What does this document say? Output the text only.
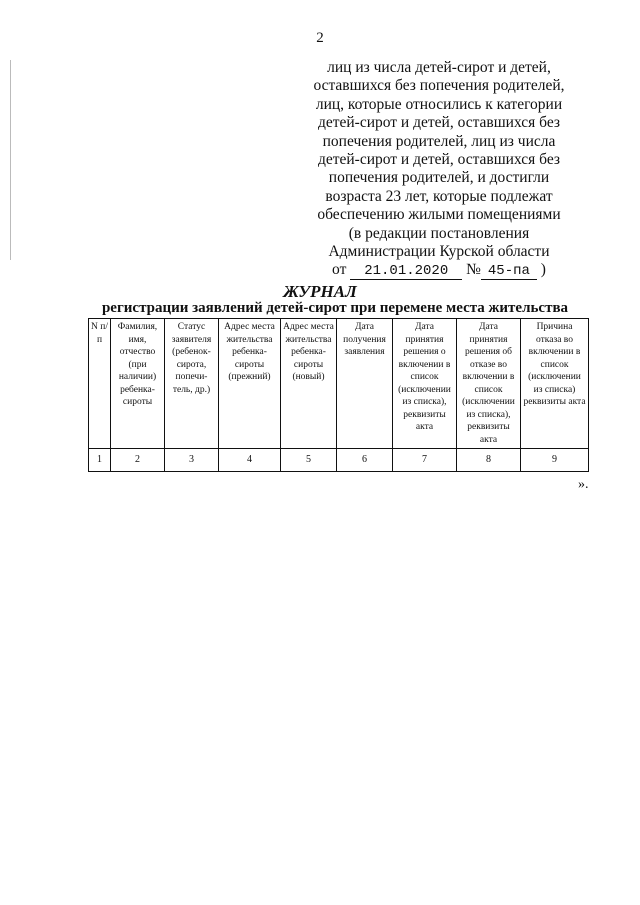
2
лиц из числа детей-сирот и детей,
оставшихся без попечения родителей,
лиц, которые относились к категории
детей-сирот и детей, оставшихся без
попечения родителей, лиц из числа
детей-сирот и детей, оставшихся без
попечения родителей, и достигли
возраста 23 лет, которые подлежат
обеспечению жилыми помещениями
(в редакции постановления
Администрации Курской области
от 21.01.2020 № 45-па )
ЖУРНАЛ
регистрации заявлений детей-сирот при перемене места жительства
N п/п	Фамилия, имя, отчество (при наличии) ребенка-сироты	Статус заявителя (ребенок-сирота, попечи-тель, др.)	Адрес места жительства ребенка-сироты (прежний)	Адрес места жительства ребенка-сироты (новый)	Дата получения заявления	Дата принятия решения о включении в список (исключении из списка), реквизиты акта	Дата принятия решения об отказе во включении в список (исключении из списка), реквизиты акта	Причина отказа во включении в список (исключении из списка) реквизиты акта
1	2	3	4	5	6	7	8	9
».
